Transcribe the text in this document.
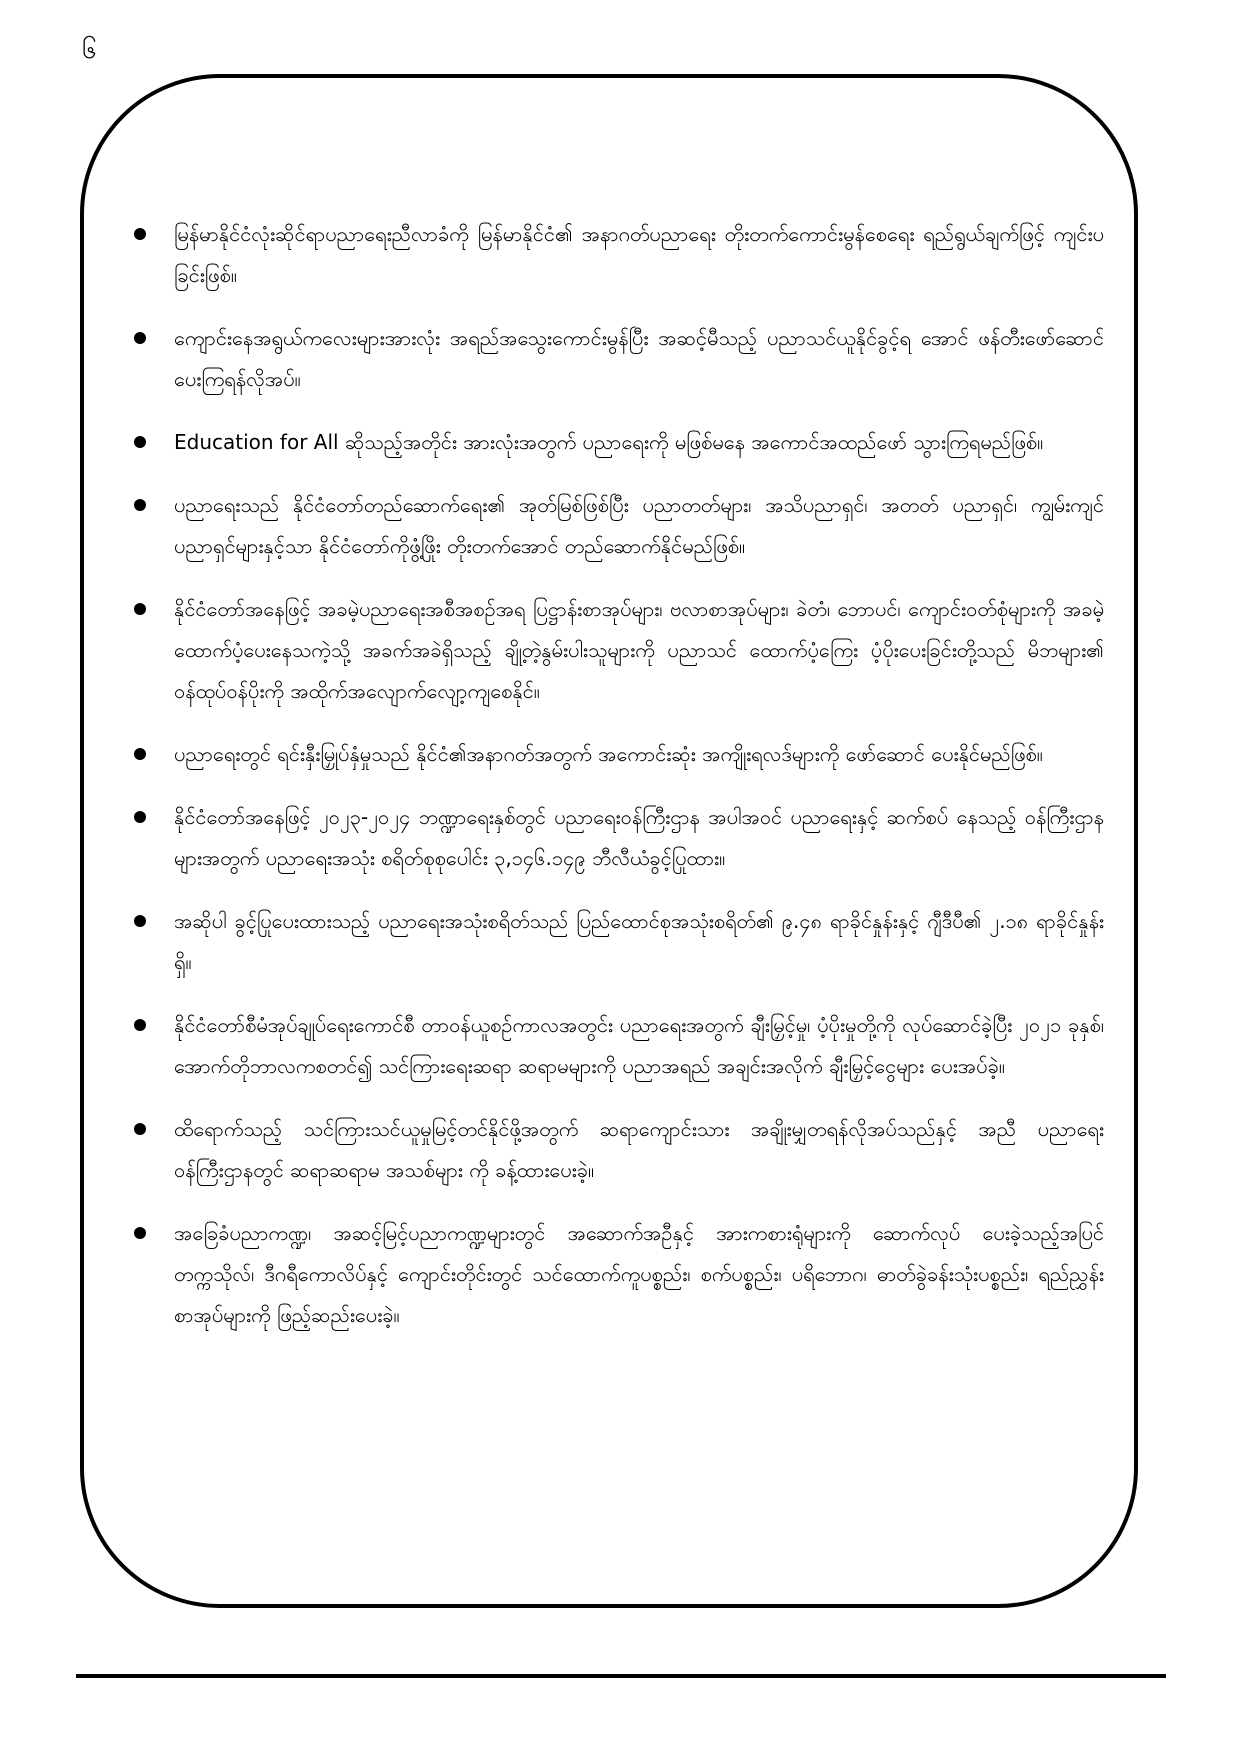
၆
မြန်မာနိုင်ငံလုံးဆိုင်ရာပညာရေးညီလာခံကို မြန်မာနိုင်ငံ၏ အနာဂတ်ပညာရေး တိုးတက်ကောင်းမွန်စေရေး ရည်ရွယ်ချက်ဖြင့် ကျင်းပခြင်းဖြစ်။
ကျောင်းနေအရွယ်ကလေးများအားလုံး အရည်အသွေးကောင်းမွန်ပြီး အဆင့်မီသည့် ပညာသင်ယူနိုင်ခွင့်ရ အောင် ဖန်တီးဖော်ဆောင်ပေးကြရန်လိုအပ်။
Education for All ဆိုသည့်အတိုင်း အားလုံးအတွက် ပညာရေးကို မဖြစ်မနေ အကောင်အထည်ဖော် သွားကြရမည်ဖြစ်။
ပညာရေးသည် နိုင်ငံတော်တည်ဆောက်ရေး၏ အုတ်မြစ်ဖြစ်ပြီး ပညာတတ်များ၊ အသိပညာရှင်၊ အတတ် ပညာရှင်၊ ကျွမ်းကျင်ပညာရှင်များနှင့်သာ နိုင်ငံတော်ကိုဖွံ့ဖြိုး တိုးတက်အောင် တည်ဆောက်နိုင်မည်ဖြစ်။
နိုင်ငံတော်အနေဖြင့် အခမဲ့ပညာရေးအစီအစဉ်အရ ပြဋ္ဌာန်းစာအုပ်များ၊ ဗလာစာအုပ်များ၊ ခဲတံ၊ ဘောပင်၊ ကျောင်းဝတ်စုံများကို အခမဲ့ထောက်ပံ့ပေးနေသကဲ့သို့ အခက်အခဲရှိသည့် ချို့တဲ့နွမ်းပါးသူများကို ပညာသင် ထောက်ပံ့ကြေး ပံ့ပိုးပေးခြင်းတို့သည် မိဘများ၏ ဝန်ထုပ်ဝန်ပိုးကို အထိုက်အလျောက်လျော့ကျစေနိုင်။
ပညာရေးတွင် ရင်းနှီးမြှုပ်နှံမှုသည် နိုင်ငံ၏အနာဂတ်အတွက် အကောင်းဆုံး အကျိုးရလဒ်များကို ဖော်ဆောင် ပေးနိုင်မည်ဖြစ်။
နိုင်ငံတော်အနေဖြင့် ၂၀၂၃-၂၀၂၄ ဘဏ္ဍာရေးနှစ်တွင် ပညာရေးဝန်ကြီးဌာန အပါအဝင် ပညာရေးနှင့် ဆက်စပ် နေသည့် ဝန်ကြီးဌာနများအတွက် ပညာရေးအသုံး စရိတ်စုစုပေါင်း ၃,၁၄၆.၁၄၉ ဘီလီယံခွင့်ပြုထား။
အဆိုပါ ခွင့်ပြုပေးထားသည့် ပညာရေးအသုံးစရိတ်သည် ပြည်ထောင်စုအသုံးစရိတ်၏ ၉.၄၈ ရာခိုင်နှုန်းနှင့် ဂျီဒီပီ၏ ၂.၁၈ ရာခိုင်နှုန်းရှိ။
နိုင်ငံတော်စီမံအုပ်ချုပ်ရေးကောင်စီ တာဝန်ယူစဉ်ကာလအတွင်း ပညာရေးအတွက် ချီးမြှင့်မှု၊ ပံ့ပိုးမှုတို့ကို လုပ်ဆောင်ခဲ့ပြီး ၂၀၂၁ ခုနှစ်၊ အောက်တိုဘာလကစတင်၍ သင်ကြားရေးဆရာ ဆရာမများကို ပညာအရည် အချင်းအလိုက် ချီးမြှင့်ငွေများ ပေးအပ်ခဲ့။
ထိရောက်သည့် သင်ကြားသင်ယူမှုမြင့်တင်နိုင်ဖို့အတွက် ဆရာကျောင်းသား အချိုးမျှတရန်လိုအပ်သည်နှင့် အညီ ပညာရေးဝန်ကြီးဌာနတွင် ဆရာဆရာမ အသစ်များ ကို ခန့်ထားပေးခဲ့။
အခြေခံပညာကဏ္ဍ၊ အဆင့်မြင့်ပညာကဏ္ဍများတွင် အဆောက်အဦနှင့် အားကစားရုံများကို ဆောက်လုပ် ပေးခဲ့သည့်အပြင် တက္ကသိုလ်၊ ဒီဂရီကောလိပ်နှင့် ကျောင်းတိုင်းတွင် သင်ထောက်ကူပစ္စည်း၊ စက်ပစ္စည်း၊ ပရိဘောဂ၊ ဓာတ်ခွဲခန်းသုံးပစ္စည်း၊ ရည်ညွှန်းစာအုပ်များကို ဖြည့်ဆည်းပေးခဲ့။
